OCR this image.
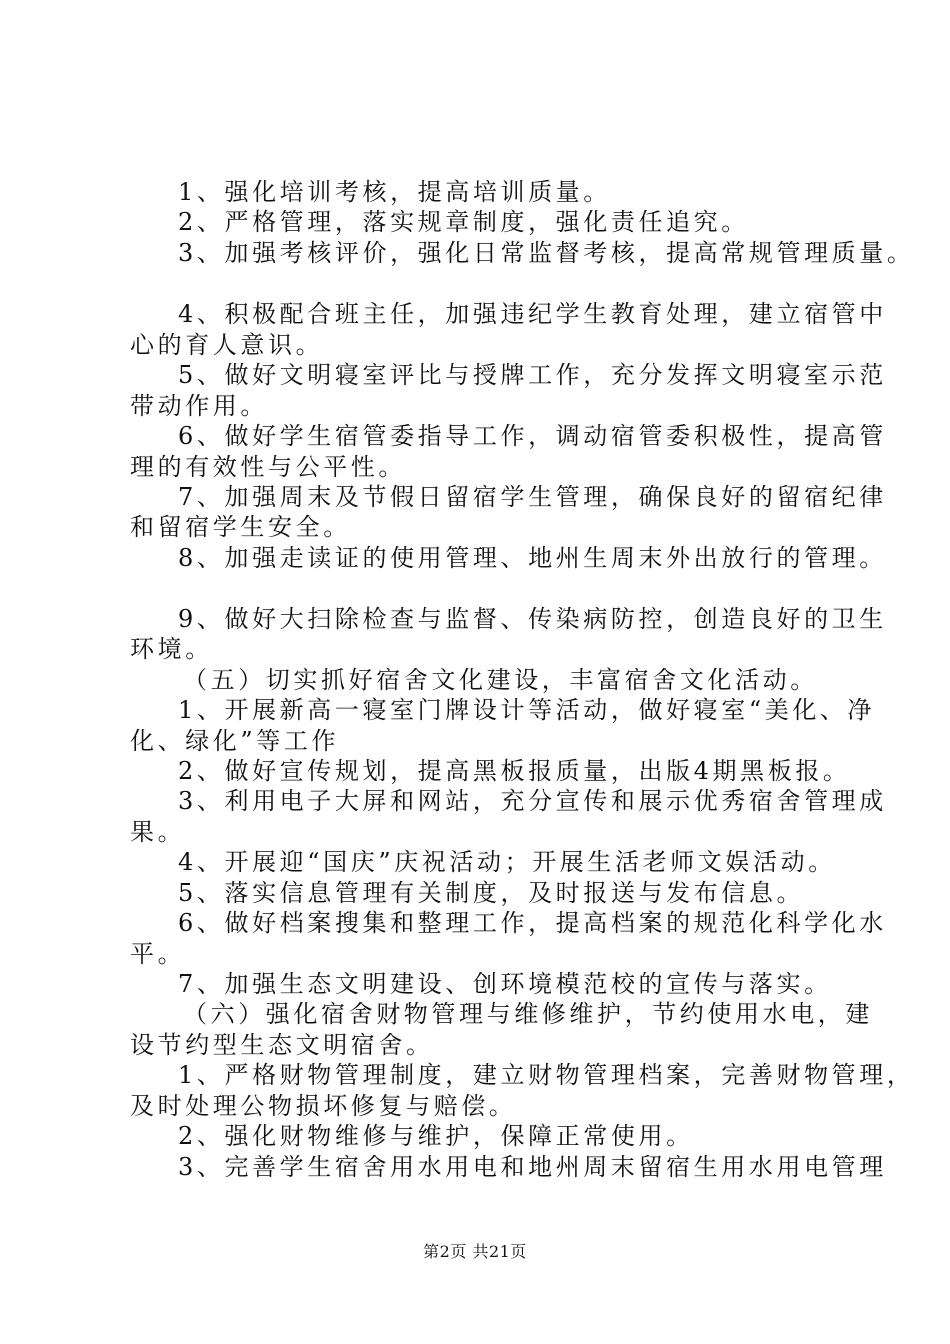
1、强化培训考核，提高培训质量。
2、严格管理，落实规章制度，强化责任追究。
3、加强考核评价，强化日常监督考核，提高常规管理质量。
4、积极配合班主任，加强违纪学生教育处理，建立宿管中
心的育人意识。
5、做好文明寝室评比与授牌工作，充分发挥文明寝室示范
带动作用。
6、做好学生宿管委指导工作，调动宿管委积极性，提高管
理的有效性与公平性。
7、加强周末及节假日留宿学生管理，确保良好的留宿纪律
和留宿学生安全。
8、加强走读证的使用管理、地州生周末外出放行的管理。
9、做好大扫除检查与监督、传染病防控，创造良好的卫生
环境。
（五）切实抓好宿舍文化建设，丰富宿舍文化活动。
1、开展新高一寝室门牌设计等活动，做好寝室“美化、净
化、绿化”等工作
2、做好宣传规划，提高黑板报质量，出版4期黑板报。
3、利用电子大屏和网站，充分宣传和展示优秀宿舍管理成
果。
4、开展迎“国庆”庆祝活动；开展生活老师文娱活动。
5、落实信息管理有关制度，及时报送与发布信息。
6、做好档案搜集和整理工作，提高档案的规范化科学化水
平。
7、加强生态文明建设、创环境模范校的宣传与落实。
（六）强化宿舍财物管理与维修维护，节约使用水电，建
设节约型生态文明宿舍。
1、严格财物管理制度，建立财物管理档案，完善财物管理，
及时处理公物损坏修复与赔偿。
2、强化财物维修与维护，保障正常使用。
3、完善学生宿舍用水用电和地州周末留宿生用水用电管理
第2页 共21页
